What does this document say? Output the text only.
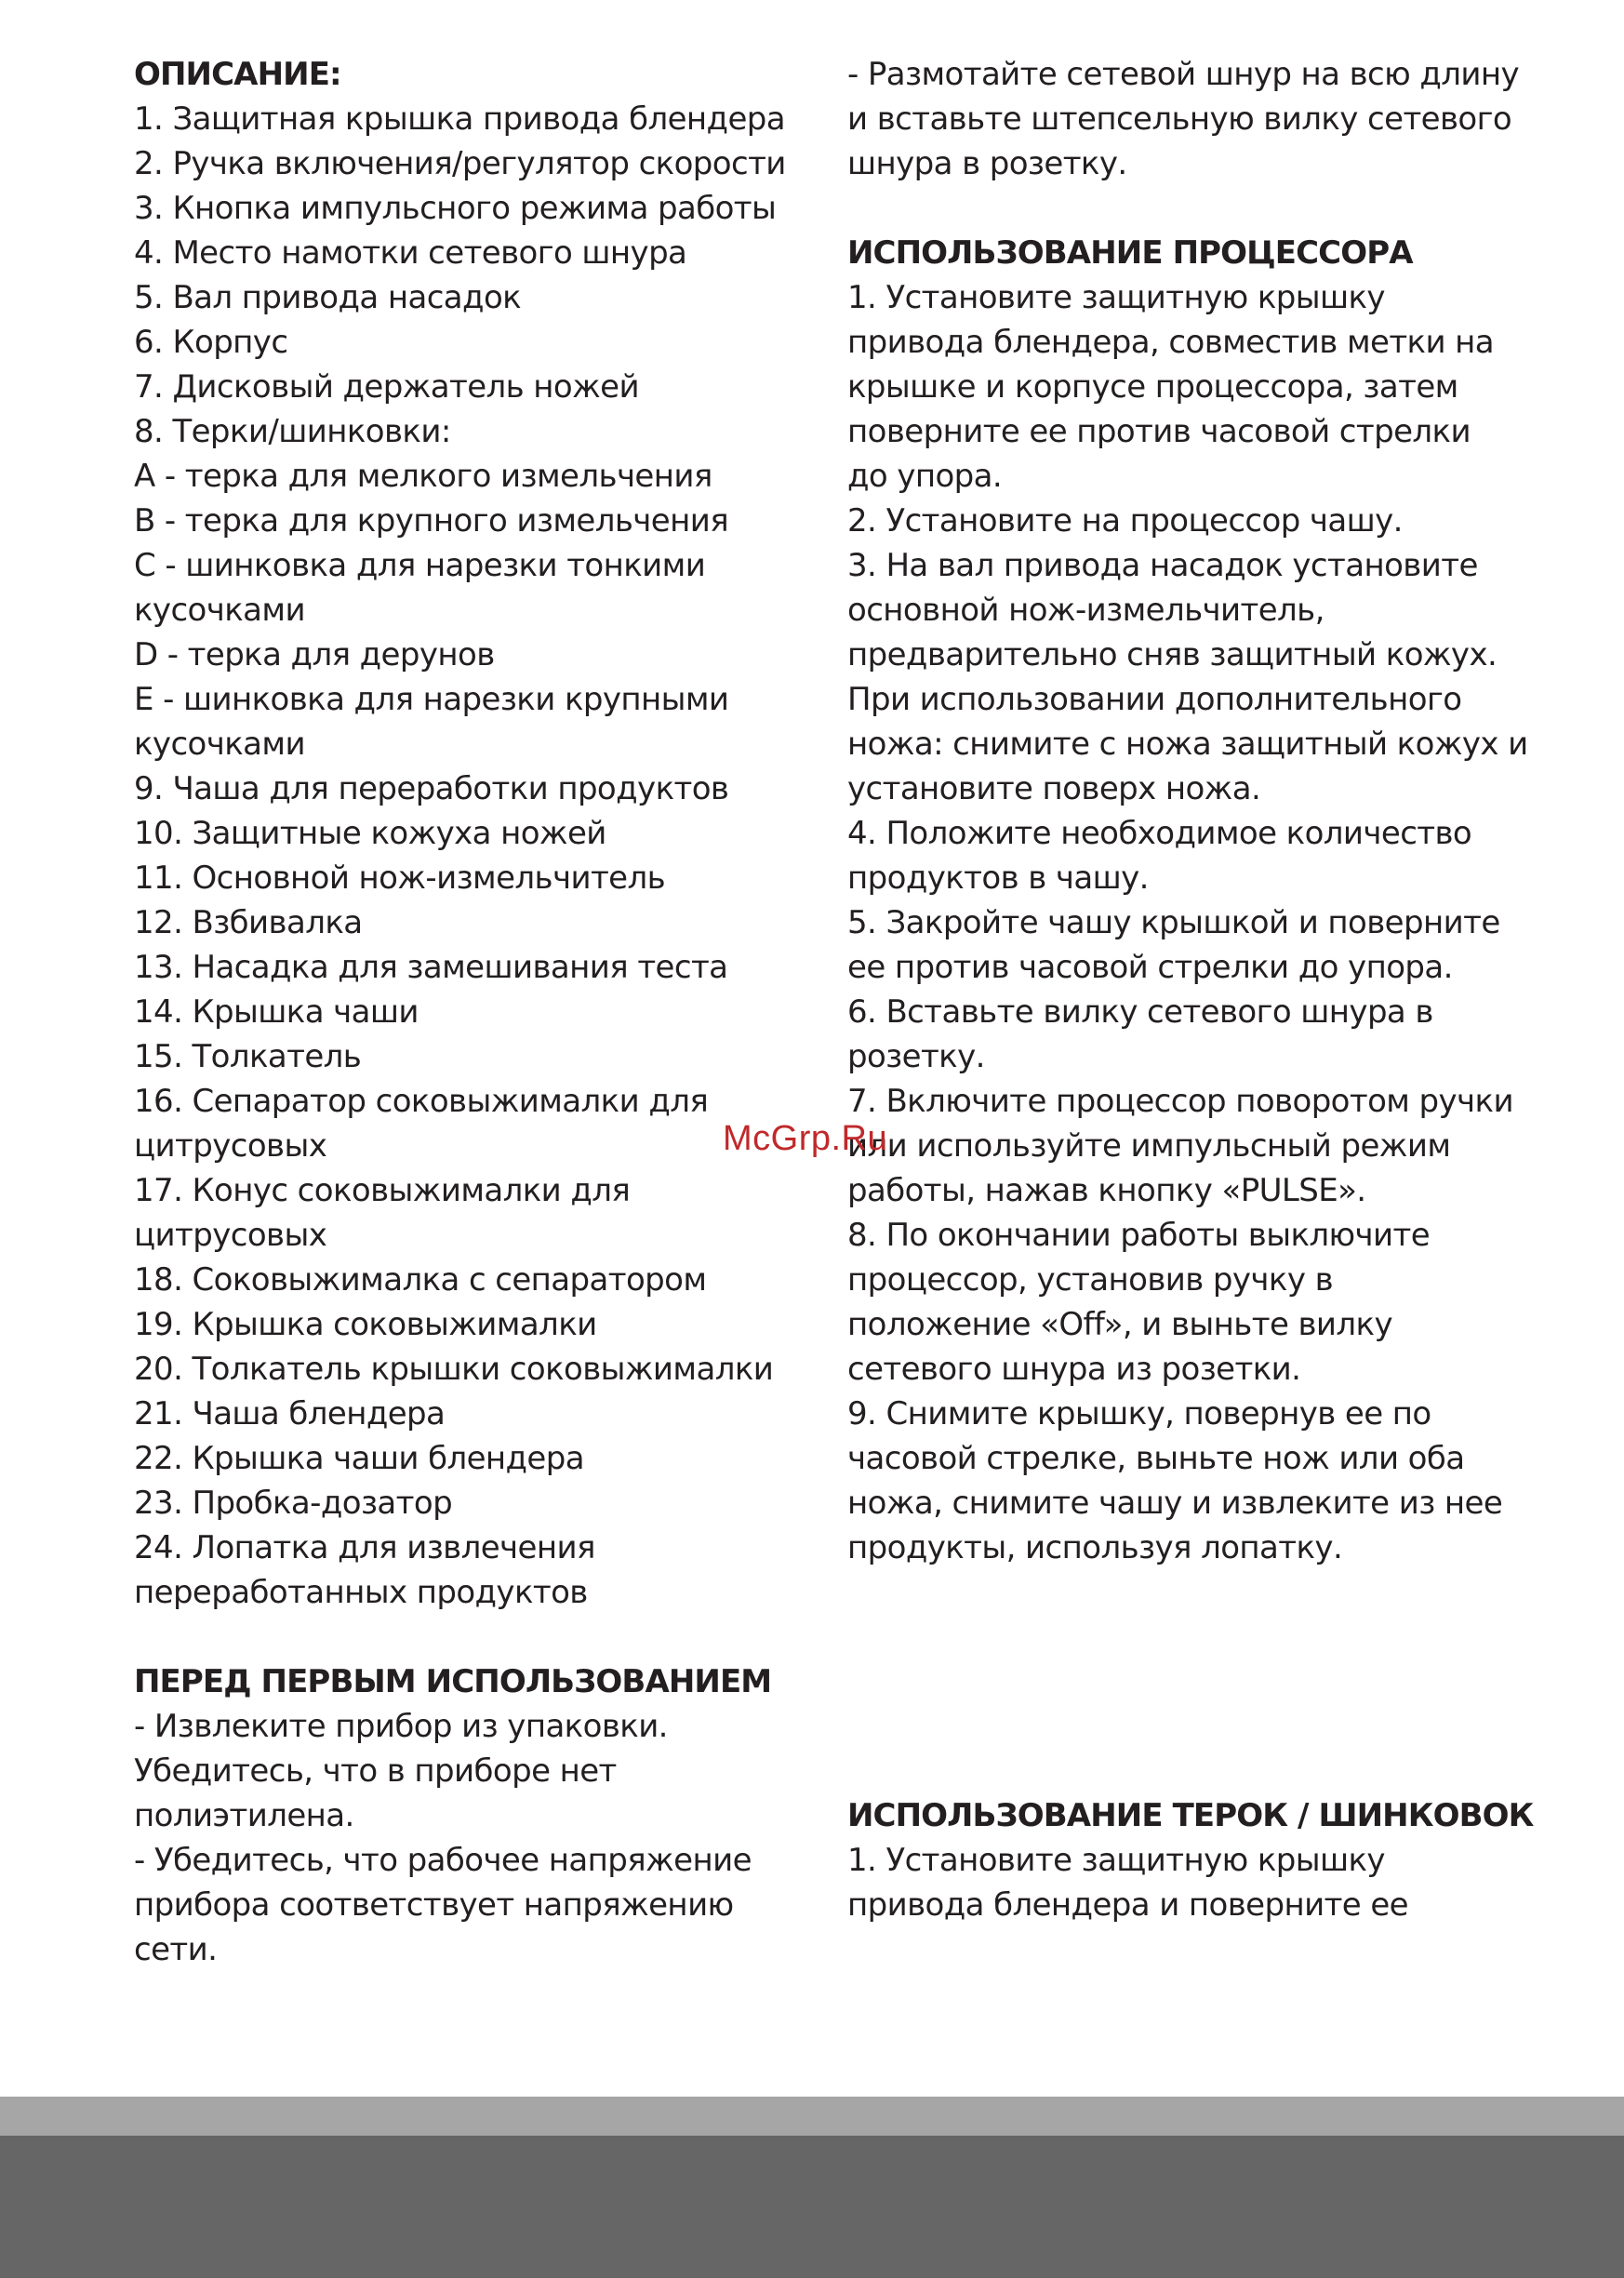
ОПИСАНИЕ:
1. Защитная крышка привода блендера
2. Ручка включения/регулятор скорости
3. Кнопка импульсного режима работы
4. Место намотки сетевого шнура
5. Вал привода насадок
6. Корпус
7. Дисковый держатель ножей
8. Терки/шинковки:
A - терка для мелкого измельчения
B - терка для крупного измельчения
C - шинковка для нарезки тонкими
кусочками
D - терка для дерунов
E - шинковка для нарезки крупными
кусочками
9. Чаша для переработки продуктов
10. Защитные кожуха ножей
11. Основной нож-измельчитель
12. Взбивалка
13. Насадка для замешивания теста
14. Крышка чаши
15. Толкатель
16. Сепаратор соковыжималки для
цитрусовых
17. Конус соковыжималки для
цитрусовых
18. Соковыжималка с сепаратором
19. Крышка соковыжималки
20. Толкатель крышки соковыжималки
21. Чаша блендера
22. Крышка чаши блендера
23. Пробка-дозатор
24. Лопатка для извлечения
переработанных продуктов
ПЕРЕД ПЕРВЫМ ИСПОЛЬЗОВАНИЕМ
- Извлеките прибор из упаковки.
Убедитесь, что в приборе нет
полиэтилена.
- Убедитесь, что рабочее напряжение
прибора соответствует напряжению
сети.
- Размотайте сетевой шнур на всю длину
и вставьте штепсельную вилку сетевого
шнура в розетку.
ИСПОЛЬЗОВАНИЕ ПРОЦЕССОРА
1. Установите защитную крышку
привода блендера, совместив метки на
крышке и корпусе процессора, затем
поверните ее против часовой стрелки
до упора.
2. Установите на процессор чашу.
3. На вал привода насадок установите
основной нож-измельчитель,
предварительно сняв защитный кожух.
При использовании дополнительного
ножа: снимите с ножа защитный кожух и
установите поверх ножа.
4. Положите необходимое количество
продуктов в чашу.
5. Закройте чашу крышкой и поверните
ее против часовой стрелки до упора.
6. Вставьте вилку сетевого шнура в
розетку.
7. Включите процессор поворотом ручки
или используйте импульсный режим
работы, нажав кнопку «PULSE».
8. По окончании работы выключите
процессор, установив ручку в
положение «Off», и выньте вилку
сетевого шнура из розетки.
9. Снимите крышку, повернув ее по
часовой стрелке, выньте нож или оба
ножа, снимите чашу и извлеките из нее
продукты, используя лопатку.
ИСПОЛЬЗОВАНИЕ ТЕРОК / ШИНКОВОК
1. Установите защитную крышку
привода блендера и поверните ее
McGrp.Ru
